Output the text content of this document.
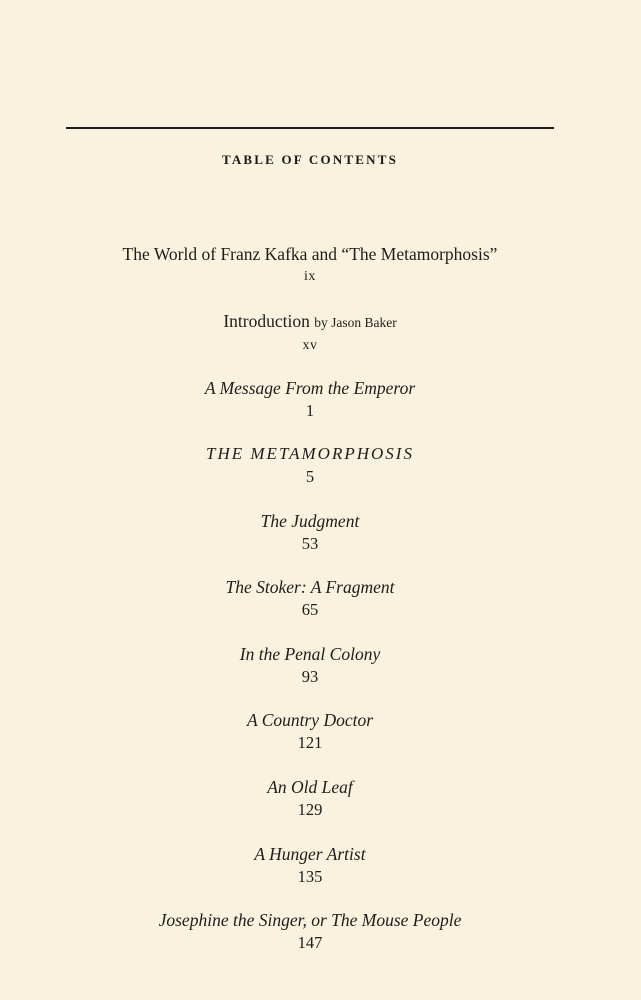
TABLE OF CONTENTS
The World of Franz Kafka and “The Metamorphosis”
ix
Introduction by Jason Baker
xv
A Message From the Emperor
1
THE METAMORPHOSIS
5
The Judgment
53
The Stoker: A Fragment
65
In the Penal Colony
93
A Country Doctor
121
An Old Leaf
129
A Hunger Artist
135
Josephine the Singer, or The Mouse People
147
